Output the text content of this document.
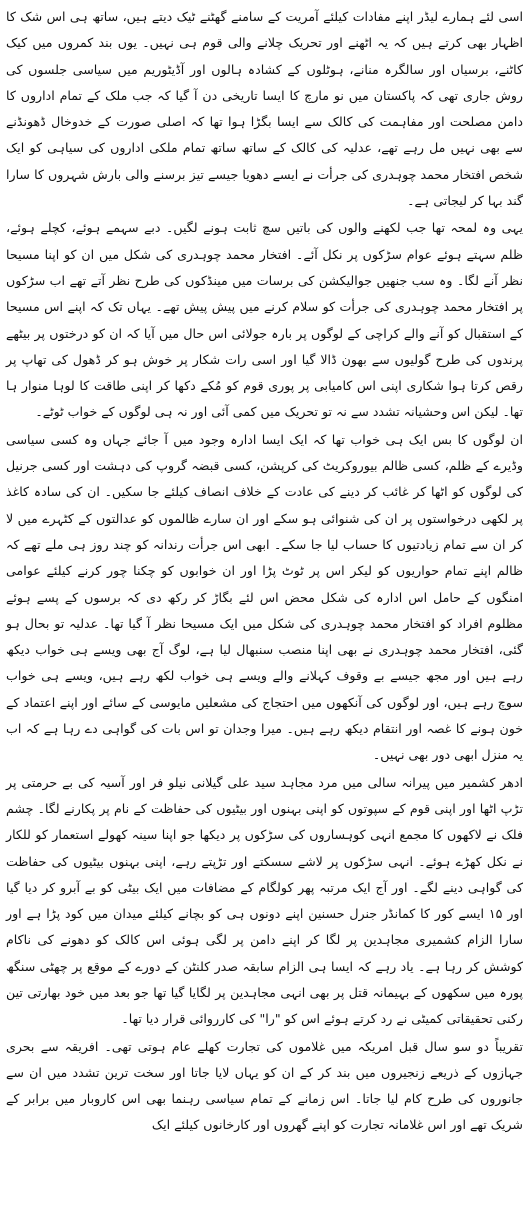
اسی لئے ہمارے لیڈر اپنے مفادات کیلئے آمریت کے سامنے گھٹنے ٹیک دیتے ہیں، ساتھ ہی اس شک کا اظہار بھی کرتے ہیں کہ یہ اٹھنے اور تحریک چلانے والی قوم ہی نہیں۔ یوں بند کمروں میں کیک کاٹنے، برسیاں اور سالگرہ منانے، ہوٹلوں کے کشادہ ہالوں اور آڈیٹوریم میں سیاسی جلسوں کی روش جاری تھی کہ پاکستان میں نو مارچ کا ایسا تاریخی دن آ گیا کہ جب ملک کے تمام اداروں کا دامن مصلحت اور مفاہمت کی کالک سے ایسا بگڑا ہوا تھا کہ اصلی صورت کے خدوخال ڈھونڈنے سے بھی نہیں مل رہے تھے، عدلیہ کی کالک کے ساتھ ساتھ تمام ملکی اداروں کی سیاہی کو ایک شخص افتخار محمد چوہدری کی جرأت نے ایسے دھویا جیسے تیز برسنے والی بارش شہروں کا سارا گند بہا کر لیجاتی ہے۔

یہی وہ لمحہ تھا جب لکھنے والوں کی باتیں سچ ثابت ہونے لگیں۔ دبے سہمے ہوئے، کچلے ہوئے، ظلم سہتے ہوئے عوام سڑکوں پر نکل آئے۔ افتخار محمد چوہدری کی شکل میں ان کو اپنا مسیحا نظر آنے لگا۔ وہ سب جنھیں جوالیکشن کی برسات میں مینڈکوں کی طرح نظر آتے تھے اب سڑکوں پر افتخار محمد چوہدری کی جرأت کو سلام کرنے میں پیش پیش تھے۔ یہاں تک کہ اپنے اس مسیحا کے استقبال کو آنے والے کراچی کے لوگوں پر بارہ جولائی اس حال میں آیا کہ ان کو درختوں پر بیٹھے پرندوں کی طرح گولیوں سے بھون ڈالا گیا اور اسی رات شکار پر خوش ہو کر ڈھول کی تھاپ پر رقص کرتا ہوا شکاری اپنی اس کامیابی پر پوری قوم کو مُکے دکھا کر اپنی طاقت کا لوہا منوار ہا تھا۔ لیکن اس وحشیانہ تشدد سے نہ تو تحریک میں کمی آئی اور نہ ہی لوگوں کے خواب ٹوٹے۔

ان لوگوں کا بس ایک ہی خواب تھا کہ ایک ایسا ادارہ وجود میں آ جائے جہاں وہ کسی سیاسی وڈیرے کے ظلم، کسی ظالم بیوروکریٹ کی کرپشن، کسی قبضہ گروپ کی دہشت اور کسی جرنیل کی لوگوں کو اٹھا کر غائب کر دینے کی عادت کے خلاف انصاف کیلئے جا سکیں۔ ان کی سادہ کاغذ پر لکھی درخواستوں پر ان کی شنوائی ہو سکے اور ان سارے ظالموں کو عدالتوں کے کٹہرے میں لا کر ان سے تمام زیادتیوں کا حساب لیا جا سکے۔ ابھی اس جرأت رندانہ کو چند روز ہی ملے تھے کہ ظالم اپنے تمام حواریوں کو لیکر اس پر ٹوٹ پڑا اور ان خوابوں کو چکنا چور کرنے کیلئے عوامی امنگوں کے حامل اس ادارہ کی شکل محض اس لئے بگاڑ کر رکھ دی کہ برسوں کے پسے ہوئے مظلوم افراد کو افتخار محمد چوہدری کی شکل میں ایک مسیحا نظر آ گیا تھا۔ عدلیہ تو بحال ہو گئی، افتخار محمد چوہدری نے بھی اپنا منصب سنبھال لیا ہے، لوگ آج بھی ویسے ہی خواب دیکھ رہے ہیں اور مجھ جیسے بے وقوف کہلانے والے ویسے ہی خواب لکھ رہے ہیں، ویسے ہی خواب سوچ رہے ہیں، اور لوگوں کی آنکھوں میں احتجاج کی مشعلیں مایوسی کے سائے اور اپنے اعتماد کے خون ہونے کا غصہ اور انتقام دیکھ رہے ہیں۔ میرا وجدان تو اس بات کی گواہی دے رہا ہے کہ اب یہ منزل ابھی دور بھی نہیں۔

ادھر کشمیر میں پیرانہ سالی میں مرد مجاہد سید علی گیلانی نیلو فر اور آسیہ کی بے حرمتی پر تڑپ اٹھا اور اپنی قوم کے سپوتوں کو اپنی بہنوں اور بیٹیوں کی حفاظت کے نام پر پکارنے لگا۔ چشم فلک نے لاکھوں کا مجمع انہی کوہساروں کی سڑکوں پر دیکھا جو اپنا سینہ کھولے استعمار کو للکار نے نکل کھڑے ہوئے۔ انہی سڑکوں پر لاشے سسکتے اور تڑپتے رہے، اپنی بہنوں بیٹیوں کی حفاظت کی گواہی دینے لگے۔ اور آج ایک مرتبہ پھر کولگام کے مضافات میں ایک بیٹی کو بے آبرو کر دیا گیا اور ۱۵ ایسے کور کا کمانڈر جنرل حسنین اپنے دونوں ہی کو بچانے کیلئے میدان میں کود پڑا ہے اور سارا الزام کشمیری مجاہدین پر لگا کر اپنے دامن پر لگی ہوئی اس کالک کو دھونے کی ناکام کوشش کر رہا ہے۔ یاد رہے کہ ایسا ہی الزام سابقہ صدر کلنٹن کے دورے کے موقع پر چھٹی سنگھ پورہ میں سکھوں کے بہیمانہ قتل پر بھی انہی مجاہدین پر لگایا گیا تھا جو بعد میں خود بھارتی تین رکنی تحقیقاتی کمیٹی نے رد کرتے ہوئے اس کو "را" کی کارروائی قرار دیا تھا۔

تقریباً دو سو سال قبل امریکہ میں غلاموں کی تجارت کھلے عام ہوتی تھی۔ افریقہ سے بحری جہازوں کے ذریعے زنجیروں میں بند کر کے ان کو یہاں لایا جاتا اور سخت ترین تشدد میں ان سے جانوروں کی طرح کام لیا جاتا۔ اس زمانے کے تمام سیاسی رہنما بھی اس کاروبار میں برابر کے شریک تھے اور اس غلامانہ تجارت کو اپنے گھروں اور کارخانوں کیلئے ایک
